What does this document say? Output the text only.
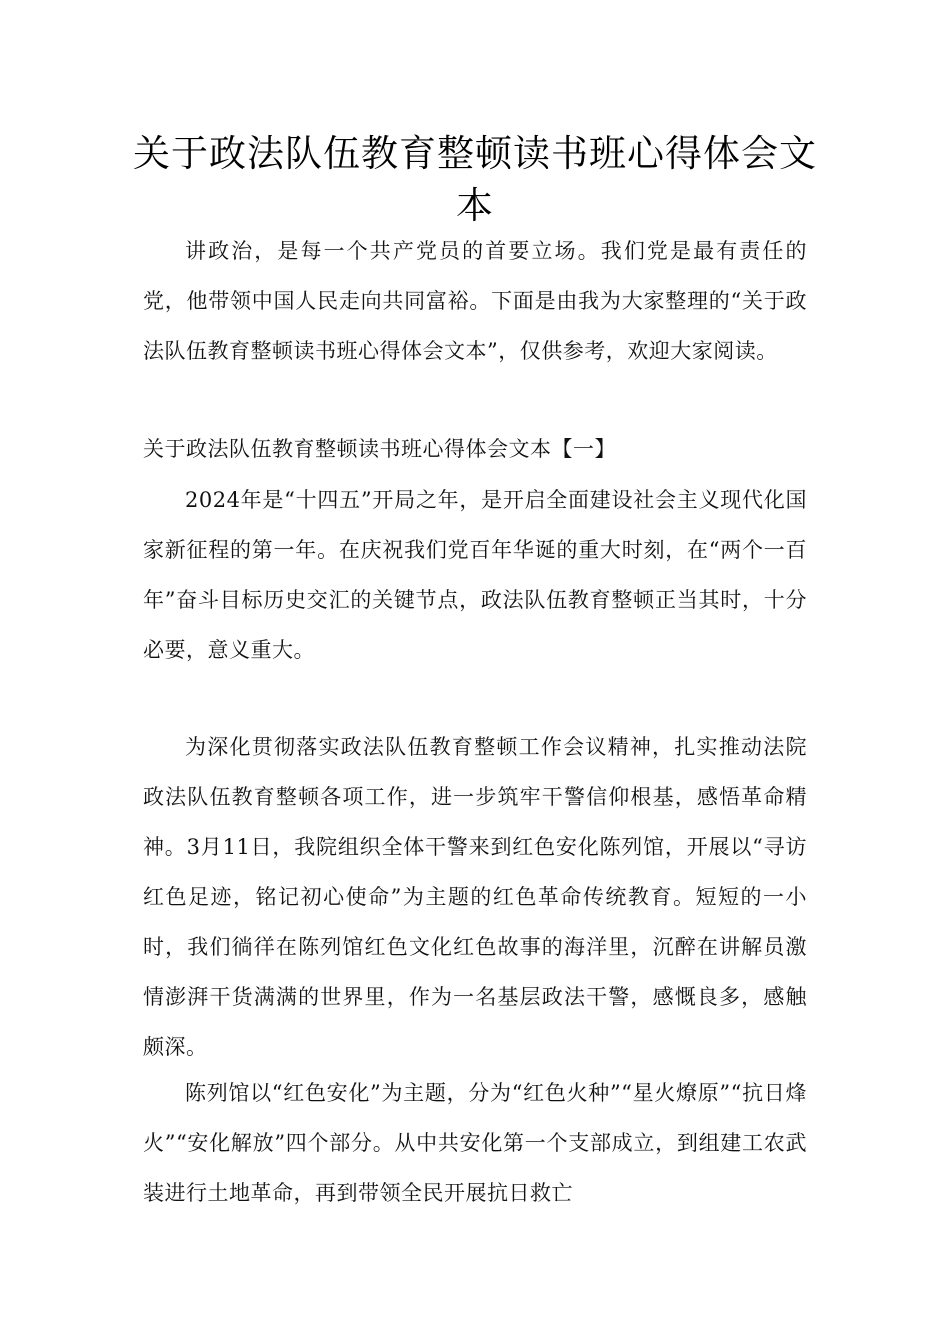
关于政法队伍教育整顿读书班心得体会文本

讲政治，是每一个共产党员的首要立场。我们党是最有责任的党，他带领中国人民走向共同富裕。下面是由我为大家整理的“关于政法队伍教育整顿读书班心得体会文本”，仅供参考，欢迎大家阅读。

关于政法队伍教育整顿读书班心得体会文本【一】

2024年是“十四五”开局之年，是开启全面建设社会主义现代化国家新征程的第一年。在庆祝我们党百年华诞的重大时刻，在“两个一百年”奋斗目标历史交汇的关键节点，政法队伍教育整顿正当其时，十分必要，意义重大。

为深化贯彻落实政法队伍教育整顿工作会议精神，扎实推动法院政法队伍教育整顿各项工作，进一步筑牢干警信仰根基，感悟革命精神。3月11日，我院组织全体干警来到红色安化陈列馆，开展以“寻访红色足迹，铭记初心使命”为主题的红色革命传统教育。短短的一小时，我们徜徉在陈列馆红色文化红色故事的海洋里，沉醉在讲解员激情澎湃干货满满的世界里，作为一名基层政法干警，感慨良多，感触颇深。

陈列馆以“红色安化”为主题，分为“红色火种”“星火燎原”“抗日烽火”“安化解放”四个部分。从中共安化第一个支部成立，到组建工农武装进行土地革命，再到带领全民开展抗日救亡
